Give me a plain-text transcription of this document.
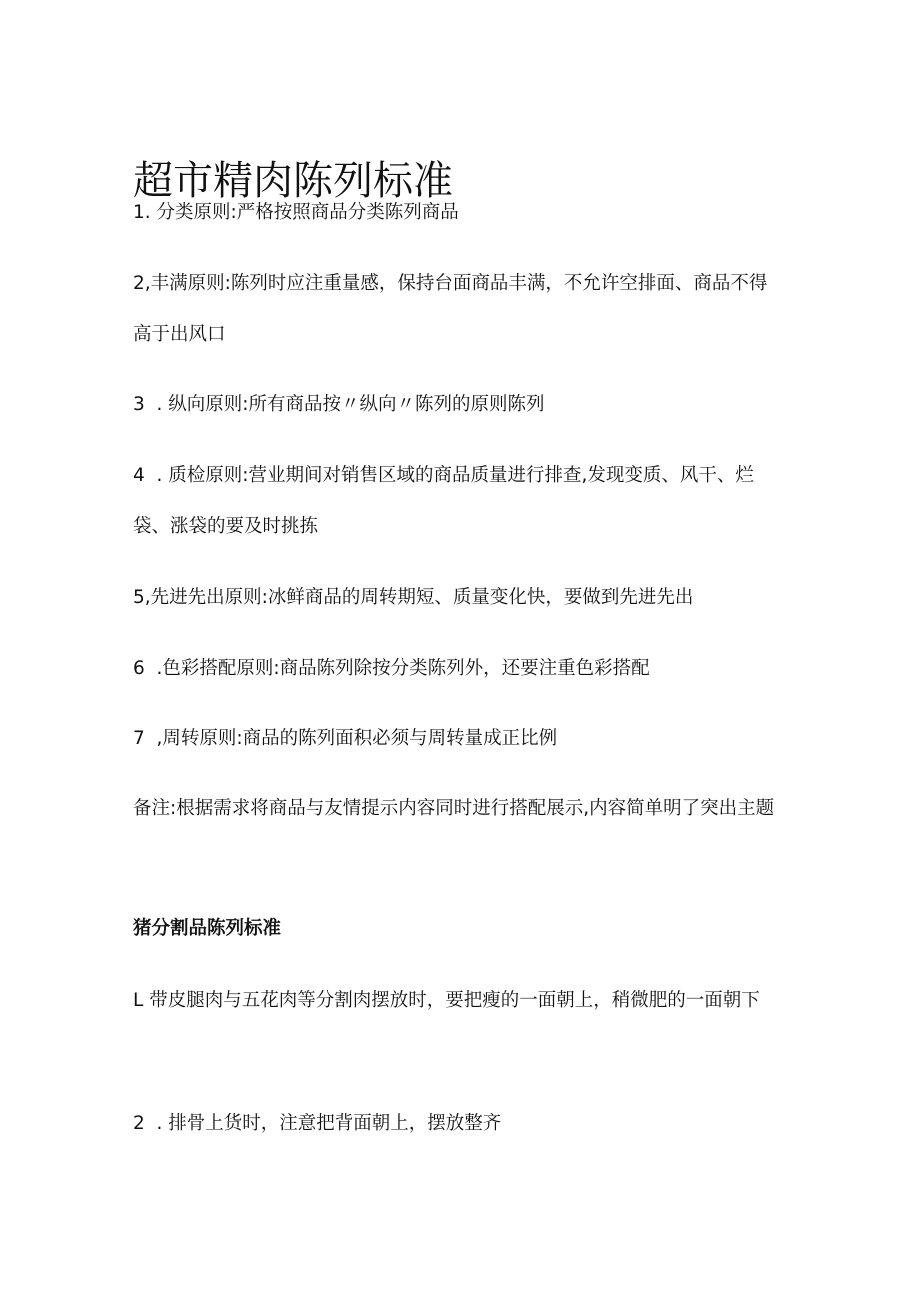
超市精肉陈列标准

1. 分类原则:严格按照商品分类陈列商品

2,丰满原则:陈列时应注重量感，保持台面商品丰满，不允许空排面、商品不得高于出风口

3  . 纵向原则:所有商品按〃纵向〃陈列的原则陈列

4  . 质检原则:营业期间对销售区域的商品质量进行排查,发现变质、风干、烂袋、涨袋的要及时挑拣

5,先进先出原则:冰鲜商品的周转期短、质量变化快，要做到先进先出

6  .色彩搭配原则:商品陈列除按分类陈列外，还要注重色彩搭配

7  ,周转原则:商品的陈列面积必须与周转量成正比例

备注:根据需求将商品与友情提示内容同时进行搭配展示,内容简单明了突出主题

猪分割品陈列标准

L 带皮腿肉与五花肉等分割肉摆放时，要把瘦的一面朝上，稍微肥的一面朝下

2  . 排骨上货时，注意把背面朝上，摆放整齐
